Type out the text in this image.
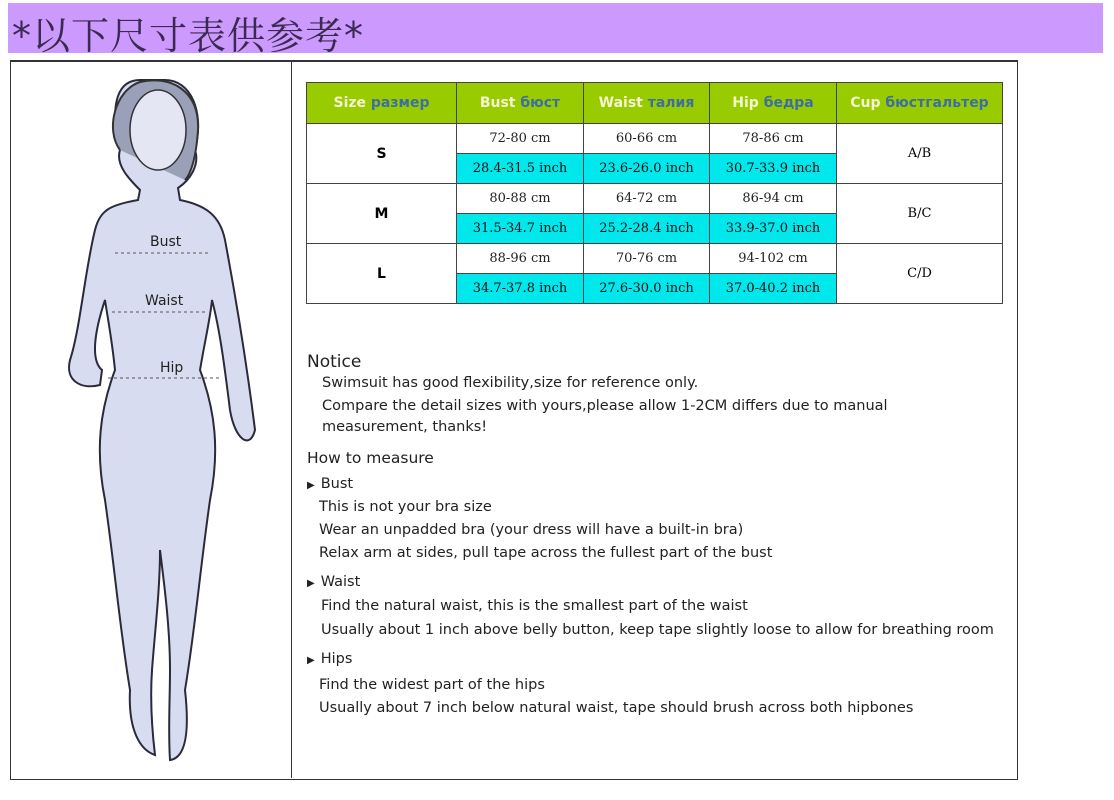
*以下尺寸表供参考*
Bust
Waist
Hip
Size размер	Bust бюст	Waist талия	Hip бедра	Cup бюстгальтер
S	72-80 cm	60-66 cm	78-86 cm	A/B
	28.4-31.5 inch	23.6-26.0 inch	30.7-33.9 inch	
M	80-88 cm	64-72 cm	86-94 cm	B/C
	31.5-34.7 inch	25.2-28.4 inch	33.9-37.0 inch	
L	88-96 cm	70-76 cm	94-102 cm	C/D
	34.7-37.8 inch	27.6-30.0 inch	37.0-40.2 inch	
Notice
Swimsuit has good flexibility,size for reference only.
Compare the detail sizes with yours,please allow 1-2CM differs due to manual
measurement, thanks!
How to measure
▶ Bust
This is not your bra size
Wear an unpadded bra (your dress will have a built-in bra)
Relax arm at sides, pull tape across the fullest part of the bust
▶ Waist
Find the natural waist, this is the smallest part of the waist
Usually about 1 inch above belly button, keep tape slightly loose to allow for breathing room
▶ Hips
Find the widest part of the hips
Usually about 7 inch below natural waist, tape should brush across both hipbones
